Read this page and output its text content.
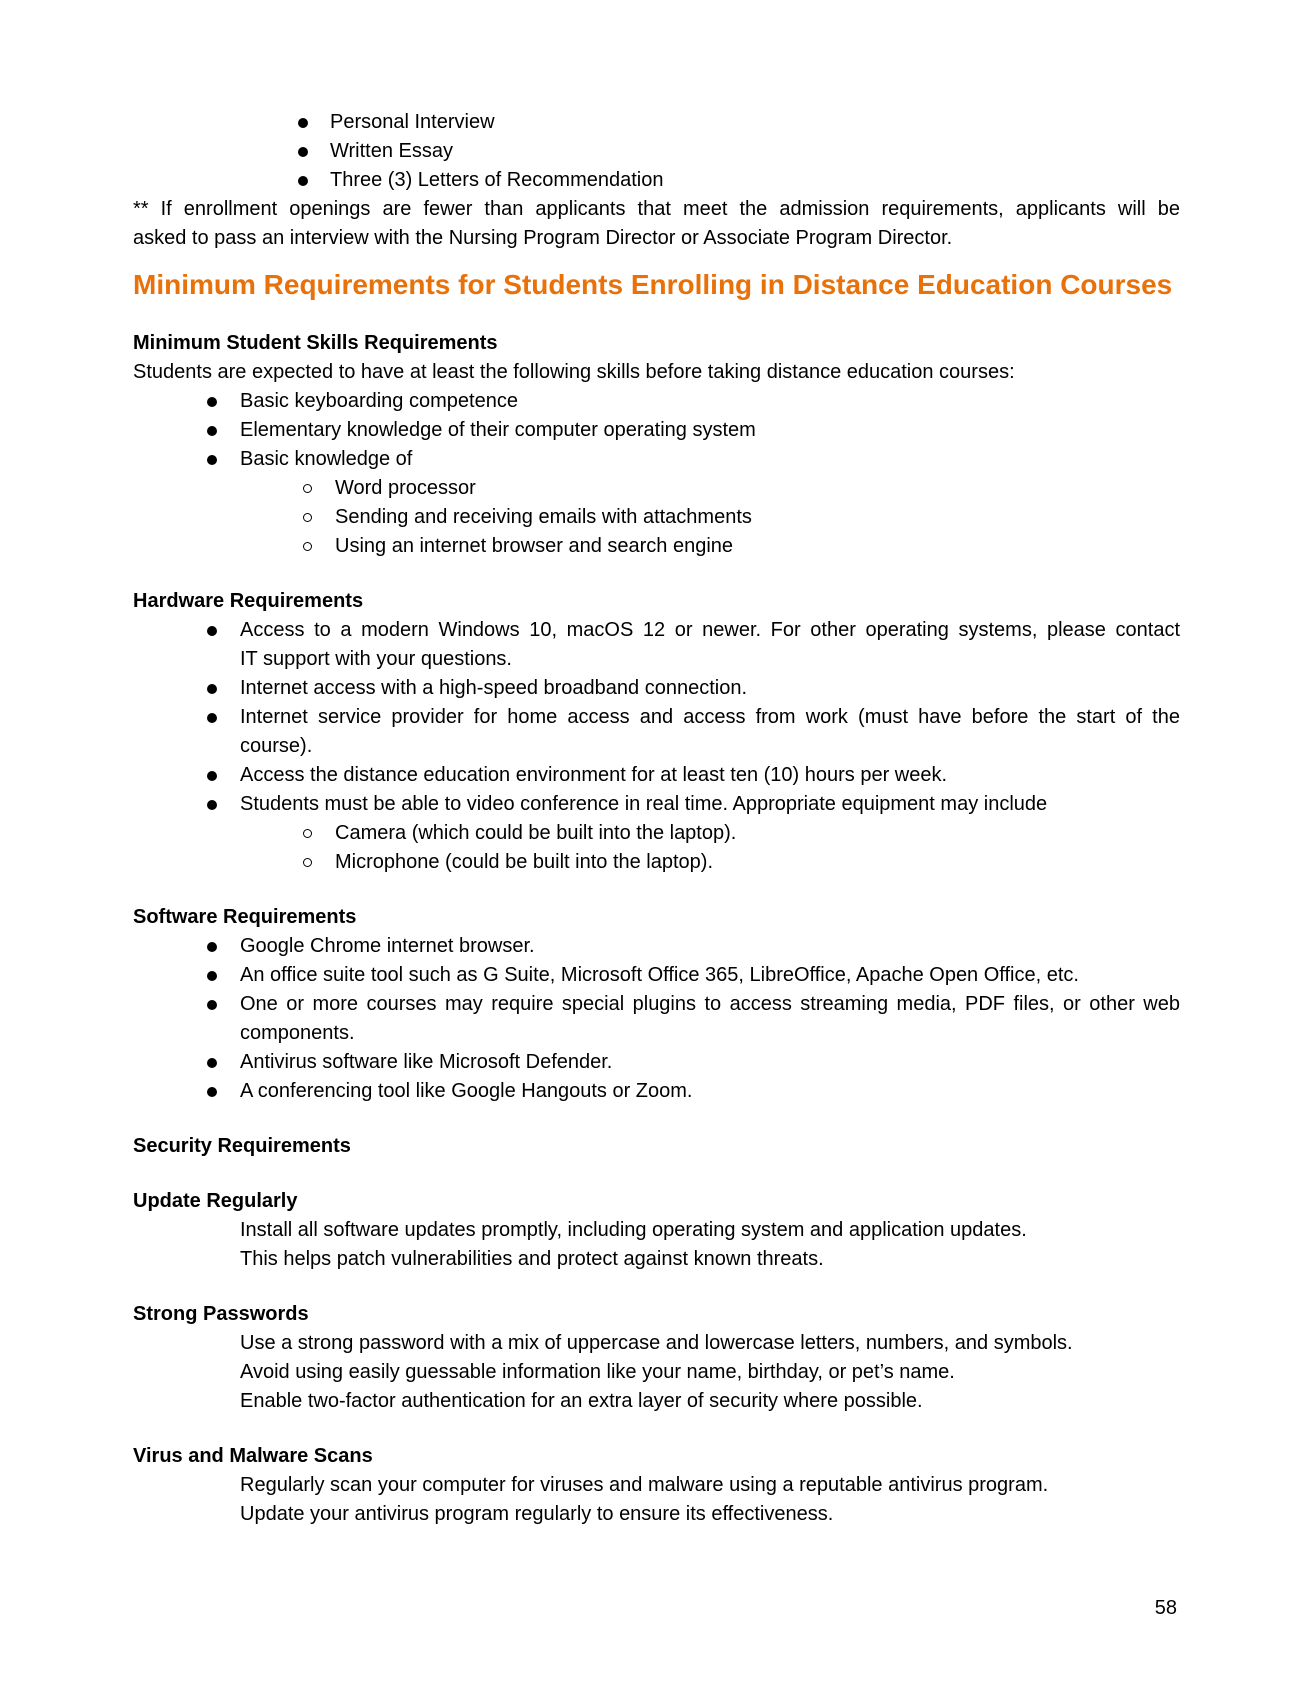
Personal Interview
Written Essay
Three (3) Letters of Recommendation

** If enrollment openings are fewer than applicants that meet the admission requirements, applicants will be
asked to pass an interview with the Nursing Program Director or Associate Program Director.

Minimum Requirements for Students Enrolling in Distance Education Courses
Minimum Student Skills Requirements
Students are expected to have at least the following skills before taking distance education courses:
Basic keyboarding competence
Elementary knowledge of their computer operating system
Basic knowledge of
Word processor
Sending and receiving emails with attachments
Using an internet browser and search engine
Hardware Requirements
Access to a modern Windows 10, macOS 12 or newer. For other operating systems, please contact
IT support with your questions.
Internet access with a high-speed broadband connection.
Internet service provider for home access and access from work (must have before the start of the
course).
Access the distance education environment for at least ten (10) hours per week.
Students must be able to video conference in real time. Appropriate equipment may include
Camera (which could be built into the laptop).
Microphone (could be built into the laptop).
Software Requirements
Google Chrome internet browser.
An office suite tool such as G Suite, Microsoft Office 365, LibreOffice, Apache Open Office, etc.
One or more courses may require special plugins to access streaming media, PDF files, or other web
components.
Antivirus software like Microsoft Defender.
A conferencing tool like Google Hangouts or Zoom.
Security Requirements
Update Regularly
Install all software updates promptly, including operating system and application updates.
This helps patch vulnerabilities and protect against known threats.
Strong Passwords
Use a strong password with a mix of uppercase and lowercase letters, numbers, and symbols.
Avoid using easily guessable information like your name, birthday, or pet’s name.
Enable two-factor authentication for an extra layer of security where possible.
Virus and Malware Scans
Regularly scan your computer for viruses and malware using a reputable antivirus program.
Update your antivirus program regularly to ensure its effectiveness.
58
